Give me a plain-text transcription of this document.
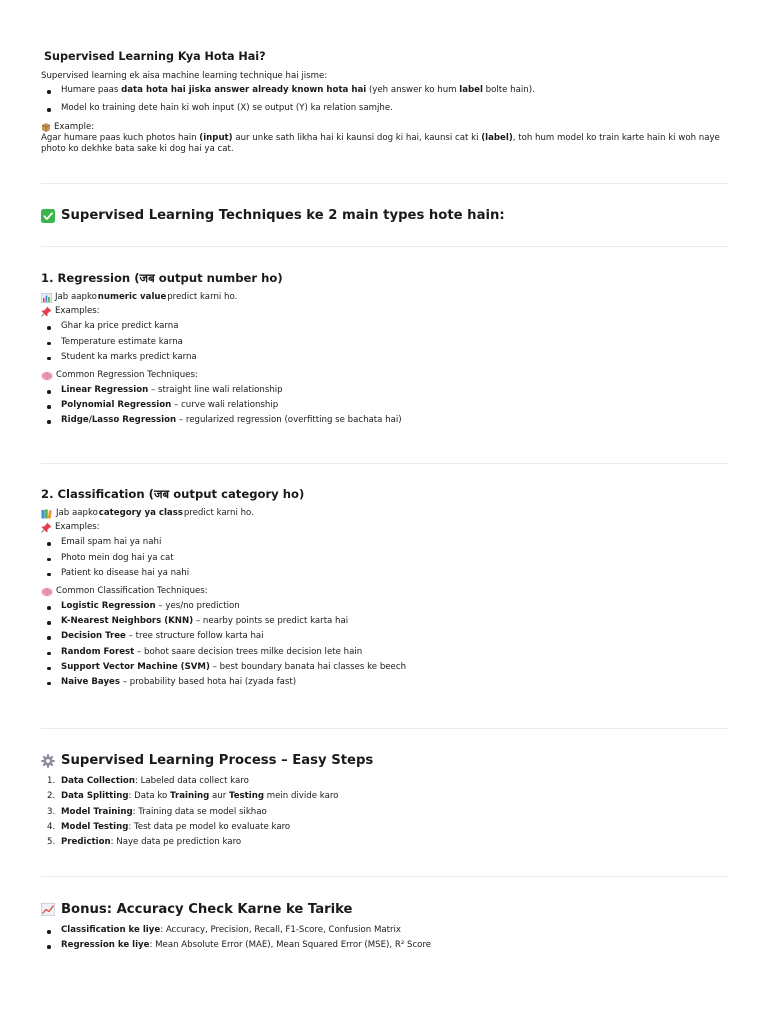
Supervised Learning Kya Hota Hai?

Supervised learning ek aisa machine learning technique hai jisme:

Humare paas data hota hai jiska answer already known hota hai (yeh answer ko hum label bolte hain).
Model ko training dete hain ki woh input (X) se output (Y) ka relation samjhe.
Example:

Agar humare paas kuch photos hain (input) aur unke sath likha hai ki kaunsi dog ki hai, kaunsi cat ki (label), toh hum model ko train karte hain ki woh naye photo ko dekhke bata sake ki dog hai ya cat.

Supervised Learning Techniques ke 2 main types hote hain:
1. Regression (जब output number ho)
Jab aapko
  numeric value
  predict karni ho.
Examples:
Ghar ka price predict karna
Temperature estimate karna
Student ka marks predict karna
Common Regression Techniques:
Linear Regression – straight line wali relationship
Polynomial Regression – curve wali relationship
Ridge/Lasso Regression – regularized regression (overfitting se bachata hai)
2. Classification (जब output category ho)
Jab aapko
  category ya class
  predict karni ho.
Examples:
Email spam hai ya nahi
Photo mein dog hai ya cat
Patient ko disease hai ya nahi
Common Classification Techniques:
Logistic Regression – yes/no prediction
K-Nearest Neighbors (KNN) – nearby points se predict karta hai
Decision Tree – tree structure follow karta hai
Random Forest – bohot saare decision trees milke decision lete hain
Support Vector Machine (SVM) – best boundary banata hai classes ke beech
Naive Bayes – probability based hota hai (zyada fast)
Supervised Learning Process – Easy Steps
1. Data Collection: Labeled data collect karo
2. Data Splitting: Data ko Training aur Testing mein divide karo
3. Model Training: Training data se model sikhao
4. Model Testing: Test data pe model ko evaluate karo
5. Prediction: Naye data pe prediction karo
Bonus: Accuracy Check Karne ke Tarike
Classification ke liye: Accuracy, Precision, Recall, F1-Score, Confusion Matrix
Regression ke liye: Mean Absolute Error (MAE), Mean Squared Error (MSE), R² Score
